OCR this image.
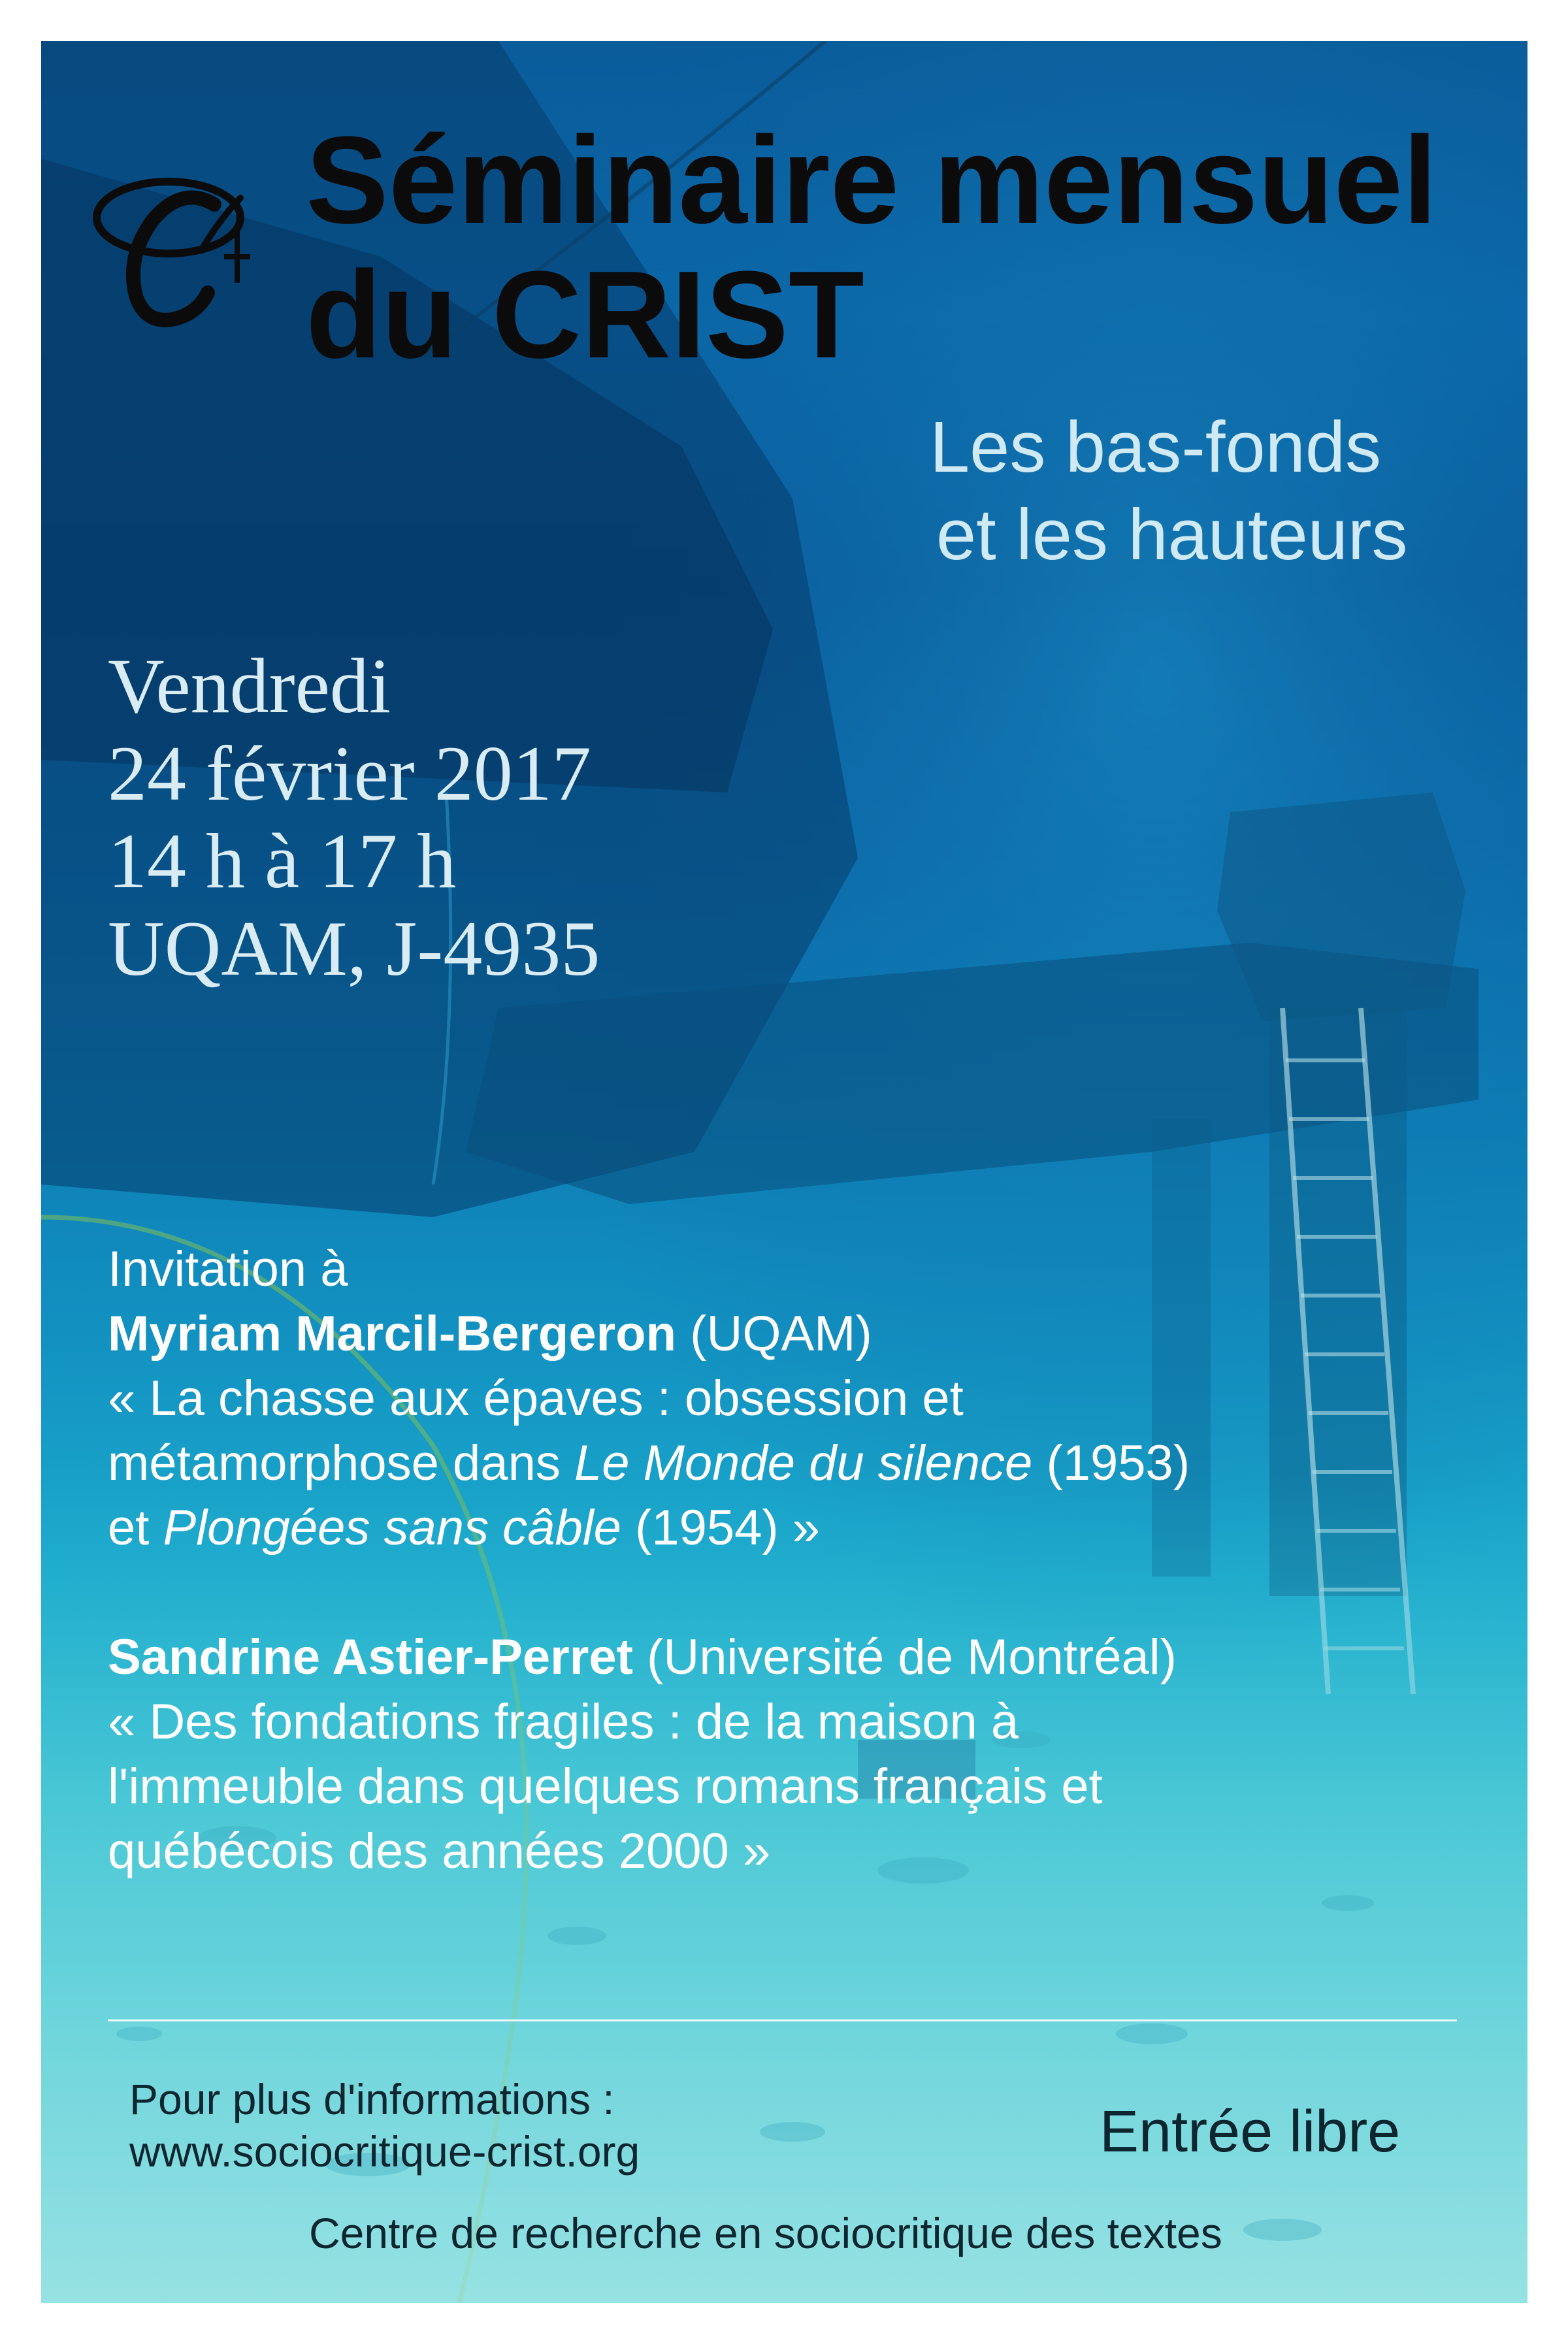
Séminaire mensuel
du CRIST
Les bas-fonds
et les hauteurs
Vendredi
24 février 2017
14 h à 17 h
UQAM, J-4935
Invitation à
Myriam Marcil-Bergeron (UQAM)
« La chasse aux épaves : obsession et
métamorphose dans Le Monde du silence (1953)
et Plongées sans câble (1954) »
Sandrine Astier-Perret (Université de Montréal)
« Des fondations fragiles : de la maison à
l'immeuble dans quelques romans français et
québécois des années 2000 »
Pour plus d'informations :
www.sociocritique-crist.org	Entrée libre
Centre de recherche en sociocritique des textes
